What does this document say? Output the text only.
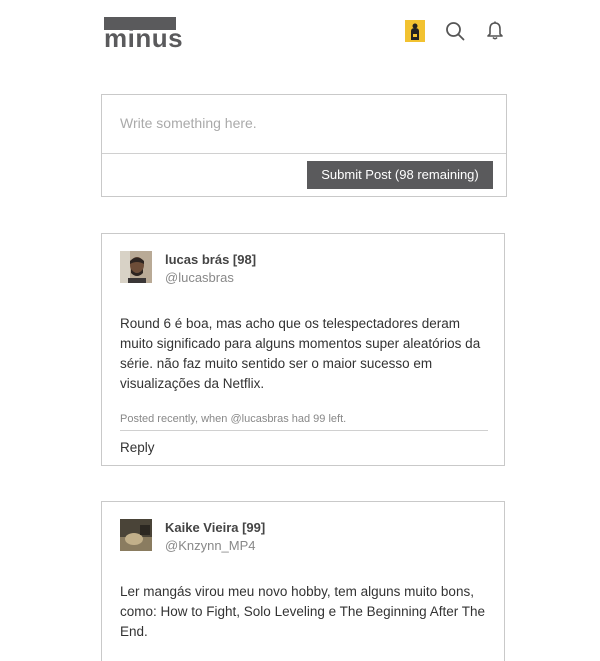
minus
Write something here.
Submit Post (98 remaining)
lucas brás [98]
@lucasbras
Round 6 é boa, mas acho que os telespectadores deram muito significado para alguns momentos super aleatórios da série. não faz muito sentido ser o maior sucesso em visualizações da Netflix.
Posted recently, when @lucasbras had 99 left.
Reply
Kaike Vieira [99]
@Knzynn_MP4
Ler mangás virou meu novo hobby, tem alguns muito bons, como: How to Fight, Solo Leveling e The Beginning After The End.
